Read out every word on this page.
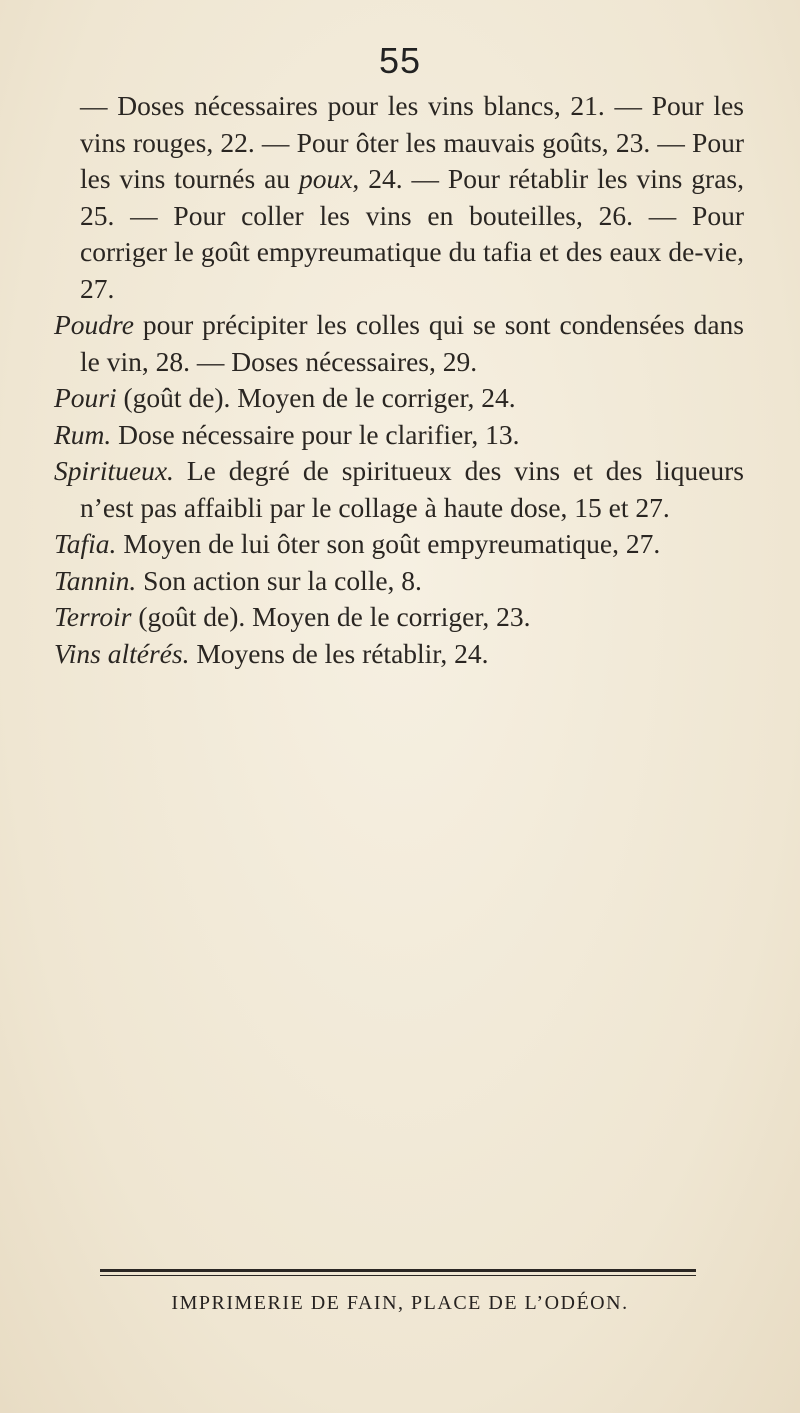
55

— Doses nécessaires pour les vins blancs, 21. — Pour les vins rouges, 22. — Pour ôter les mauvais goûts, 23. — Pour les vins tournés au poux, 24. — Pour rétablir les vins gras, 25. — Pour coller les vins en bouteilles, 26. — Pour corriger le goût empyreumatique du tafia et des eaux de-vie, 27.

Poudre pour précipiter les colles qui se sont condensées dans le vin, 28. — Doses nécessaires, 29.

Pouri (goût de). Moyen de le corriger, 24.

Rum. Dose nécessaire pour le clarifier, 13.

Spiritueux. Le degré de spiritueux des vins et des liqueurs n’est pas affaibli par le collage à haute dose, 15 et 27.

Tafia. Moyen de lui ôter son goût empyreumatique, 27.

Tannin. Son action sur la colle, 8.

Terroir (goût de). Moyen de le corriger, 23.

Vins altérés. Moyens de les rétablir, 24.

IMPRIMERIE DE FAIN, PLACE DE L’ODÉON.
